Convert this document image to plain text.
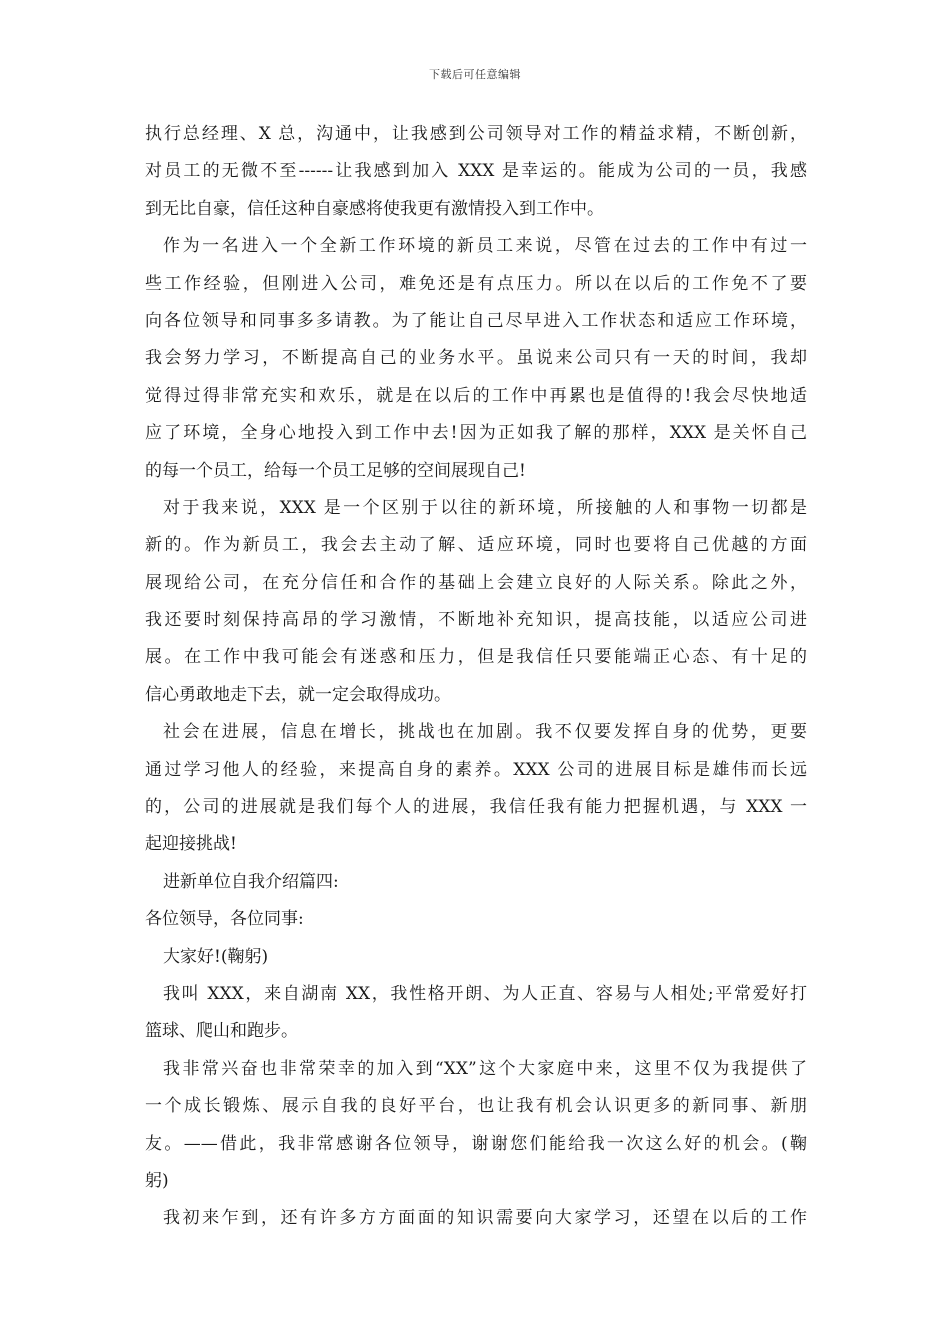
下载后可任意编辑
执行总经理、X 总，沟通中，让我感到公司领导对工作的精益求精，不断创新，
对员工的无微不至------让我感到加入 XXX 是幸运的。能成为公司的一员，我感
到无比自豪，信任这种自豪感将使我更有激情投入到工作中。
作为一名进入一个全新工作环境的新员工来说，尽管在过去的工作中有过一
些工作经验，但刚进入公司，难免还是有点压力。所以在以后的工作免不了要
向各位领导和同事多多请教。为了能让自己尽早进入工作状态和适应工作环境，
我会努力学习，不断提高自己的业务水平。虽说来公司只有一天的时间，我却
觉得过得非常充实和欢乐，就是在以后的工作中再累也是值得的!我会尽快地适
应了环境，全身心地投入到工作中去!因为正如我了解的那样，XXX 是关怀自己
的每一个员工，给每一个员工足够的空间展现自己!
对于我来说，XXX 是一个区别于以往的新环境，所接触的人和事物一切都是
新的。作为新员工，我会去主动了解、适应环境，同时也要将自己优越的方面
展现给公司，在充分信任和合作的基础上会建立良好的人际关系。除此之外，
我还要时刻保持高昂的学习激情，不断地补充知识，提高技能，以适应公司进
展。在工作中我可能会有迷惑和压力，但是我信任只要能端正心态、有十足的
信心勇敢地走下去，就一定会取得成功。
社会在进展，信息在增长，挑战也在加剧。我不仅要发挥自身的优势，更要
通过学习他人的经验，来提高自身的素养。XXX 公司的进展目标是雄伟而长远
的，公司的进展就是我们每个人的进展，我信任我有能力把握机遇，与 XXX 一
起迎接挑战!
进新单位自我介绍篇四:
各位领导，各位同事:
大家好!(鞠躬)
我叫 XXX，来自湖南 XX，我性格开朗、为人正直、容易与人相处;平常爱好打
篮球、爬山和跑步。
我非常兴奋也非常荣幸的加入到“XX”这个大家庭中来，这里不仅为我提供了
一个成长锻炼、展示自我的良好平台，也让我有机会认识更多的新同事、新朋
友。——借此，我非常感谢各位领导，谢谢您们能给我一次这么好的机会。(鞠
躬)
我初来乍到，还有许多方方面面的知识需要向大家学习，还望在以后的工作
